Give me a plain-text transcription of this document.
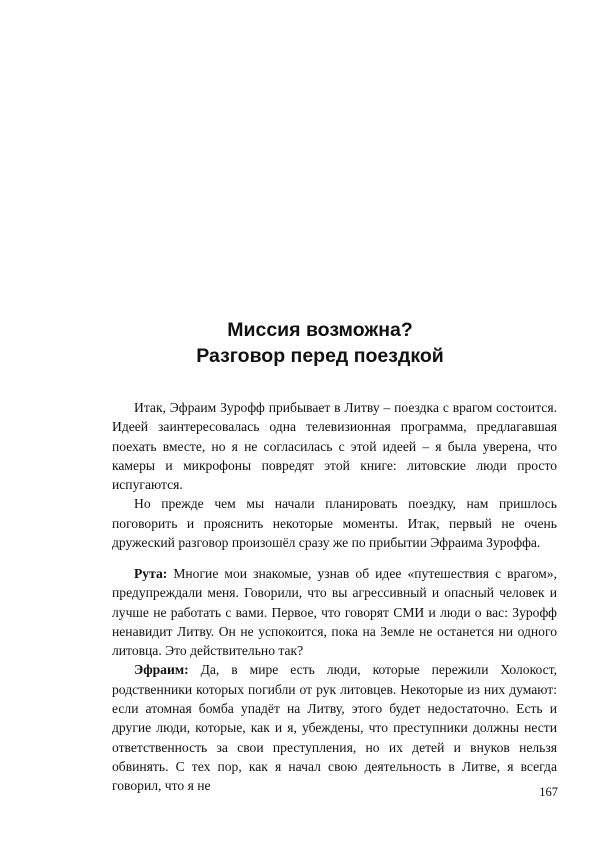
Миссия возможна?
Разговор перед поездкой

Итак, Эфраим Зурофф прибывает в Литву – поездка с врагом состоится. Идеей заинтересовалась одна телевизионная программа, предлагавшая поехать вместе, но я не согласилась с этой идеей – я была уверена, что камеры и микрофоны повредят этой книге: литовские люди просто испугаются.

Но прежде чем мы начали планировать поездку, нам пришлось поговорить и прояснить некоторые моменты. Итак, первый не очень дружеский разговор произошёл сразу же по прибытии Эфраима Зуроффа.

Рута: Многие мои знакомые, узнав об идее «путешествия с врагом», предупреждали меня. Говорили, что вы агрессивный и опасный человек и лучше не работать с вами. Первое, что говорят СМИ и люди о вас: Зурофф ненавидит Литву. Он не успокоится, пока на Земле не останется ни одного литовца. Это действительно так?

Эфраим: Да, в мире есть люди, которые пережили Холокост, родственники которых погибли от рук литовцев. Некоторые из них думают: если атомная бомба упадёт на Литву, этого будет недостаточно. Есть и другие люди, которые, как и я, убеждены, что преступники должны нести ответственность за свои преступления, но их детей и внуков нельзя обвинять. С тех пор, как я начал свою деятельность в Литве, я всегда говорил, что я не	167
